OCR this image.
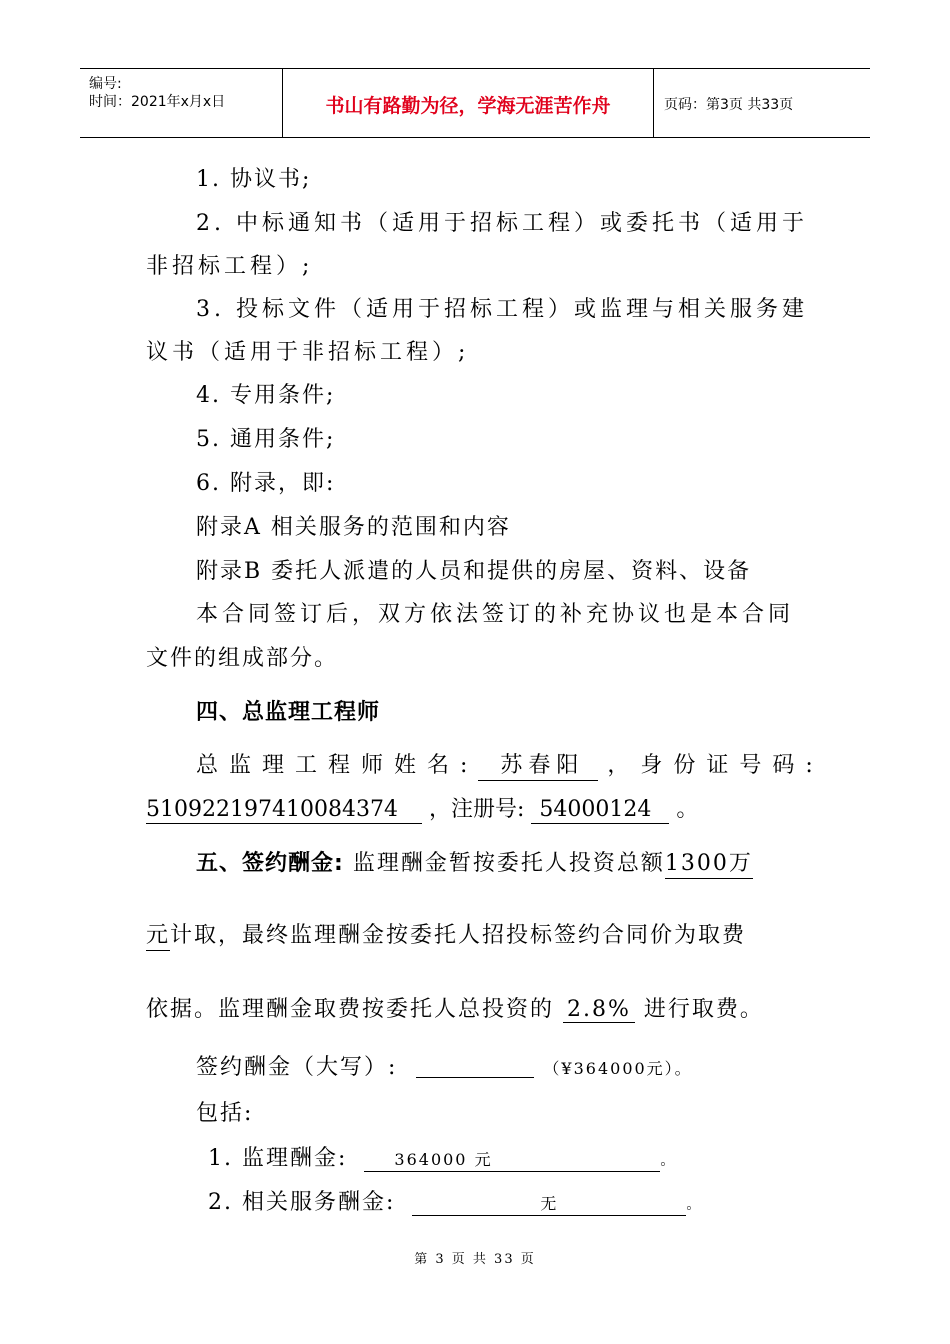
编号:
时间：2021年x月x日	书山有路勤为径，学海无涯苦作舟	页码：第3页 共33页
1. 协议书;
2. 中标通知书（适用于招标工程）或委托书（适用于
非招标工程）;
3. 投标文件（适用于招标工程）或监理与相关服务建
议书（适用于非招标工程）;
4. 专用条件;
5. 通用条件;
6. 附录，即:
附录A 相关服务的范围和内容
附录B 委托人派遣的人员和提供的房屋、资料、设备
本合同签订后，双方依法签订的补充协议也是本合同
文件的组成部分。
四、总监理工程师
总 监 理 工 程 师 姓 名 : 苏春阳 ， 身 份 证 号 码 :
510922197410084374 ，注册号: 54000124 。
五、签约酬金: 监理酬金暂按委托人投资总额1300万
元计取，最终监理酬金按委托人招投标签约合同价为取费
依据。监理酬金取费按委托人总投资的 2.8% 进行取费。
签约酬金（大写）:	（¥364000元）。
包括:
1. 监理酬金:	364000 元	。
2. 相关服务酬金:	无	。
第 3 页 共 33 页
